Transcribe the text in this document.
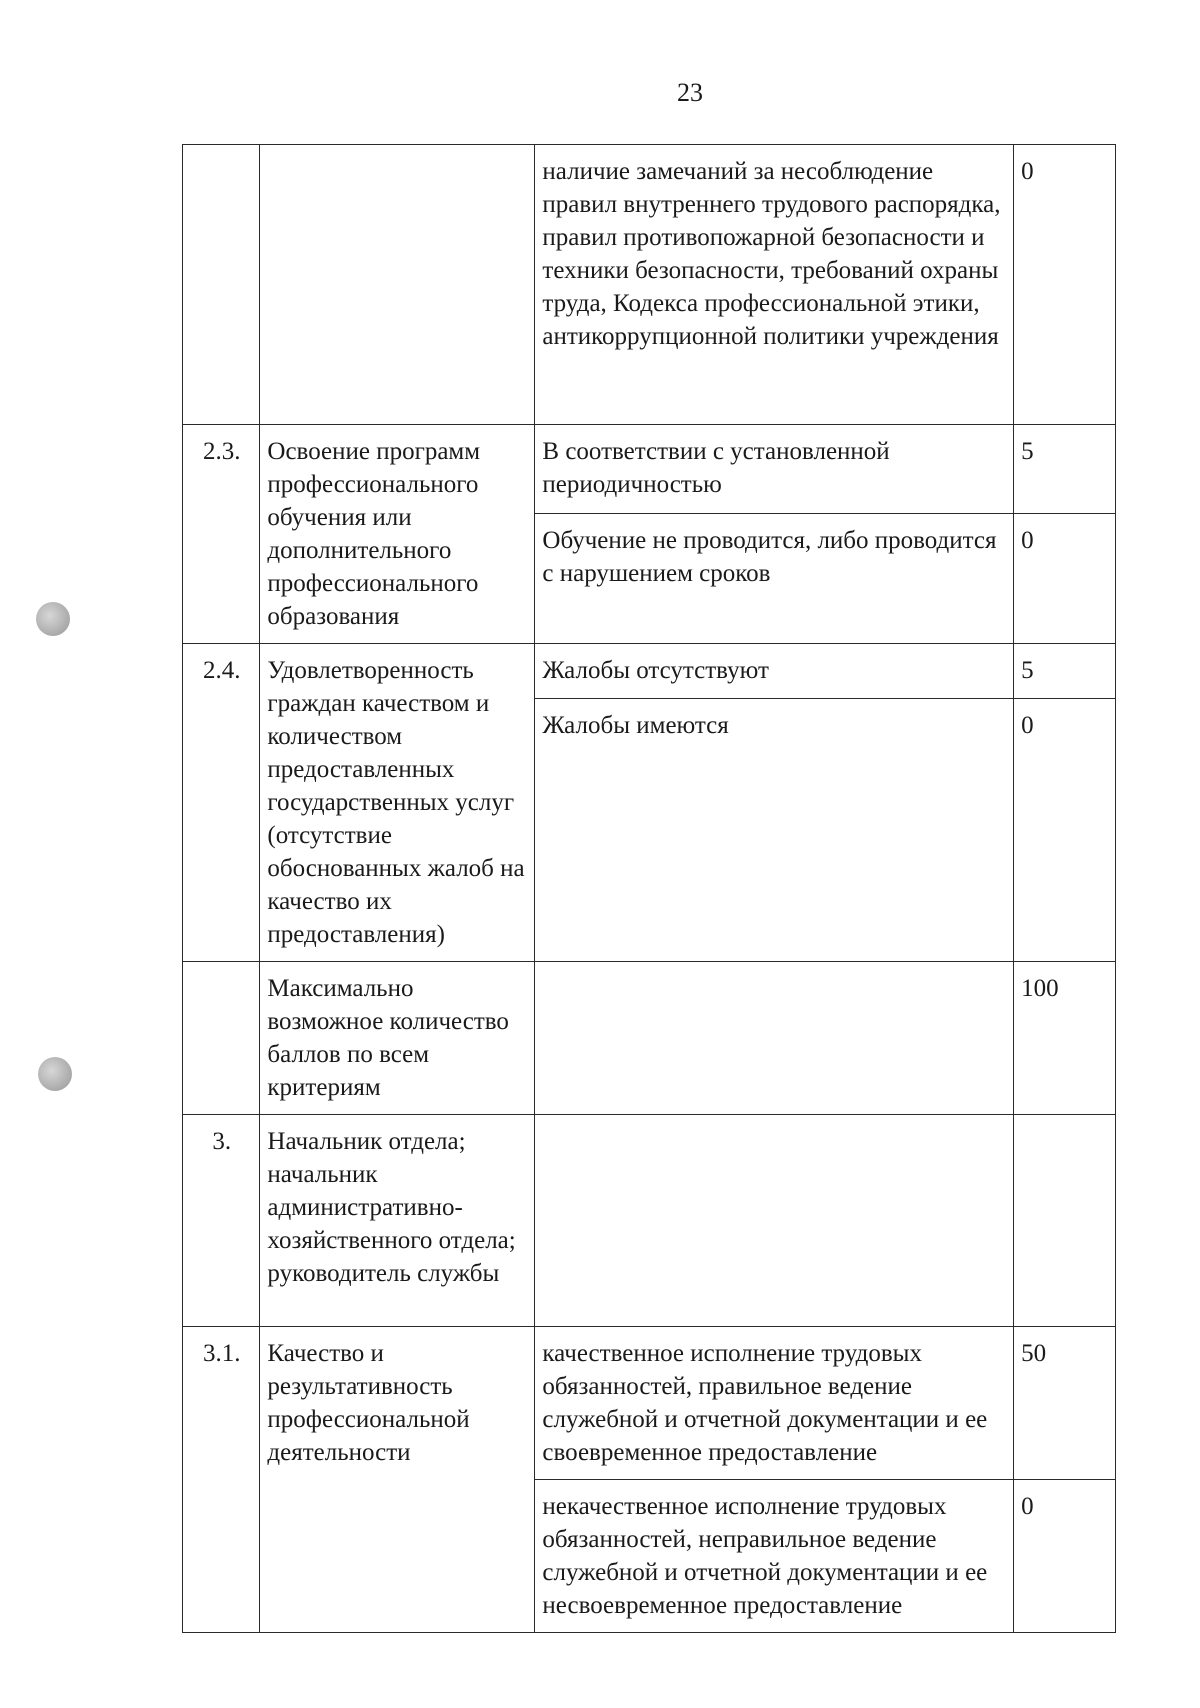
23
		наличие замечаний за несоблюдение правил внутреннего трудового распорядка, правил противопожарной безопасности и техники безопасности, требований охраны труда, Кодекса профессиональной этики, антикоррупционной политики учреждения	0
2.3.	Освоение программ профессионального обучения или дополнительного профессионального образования	В соответствии с установленной периодичностью	5
		Обучение не проводится, либо проводится с нарушением сроков	0
2.4.	Удовлетворенность граждан качеством и количеством предоставленных государственных услуг (отсутствие обоснованных жалоб на качество их предоставления)	Жалобы отсутствуют	5
		Жалобы имеются	0
	Максимально возможное количество баллов по всем критериям		100
3.	Начальник отдела; начальник административно-хозяйственного отдела; руководитель службы		
3.1.	Качество и результативность профессиональной деятельности	качественное исполнение трудовых обязанностей, правильное ведение служебной и отчетной документации и ее своевременное предоставление	50
		некачественное исполнение трудовых обязанностей, неправильное ведение служебной и отчетной документации и ее несвоевременное предоставление	0
